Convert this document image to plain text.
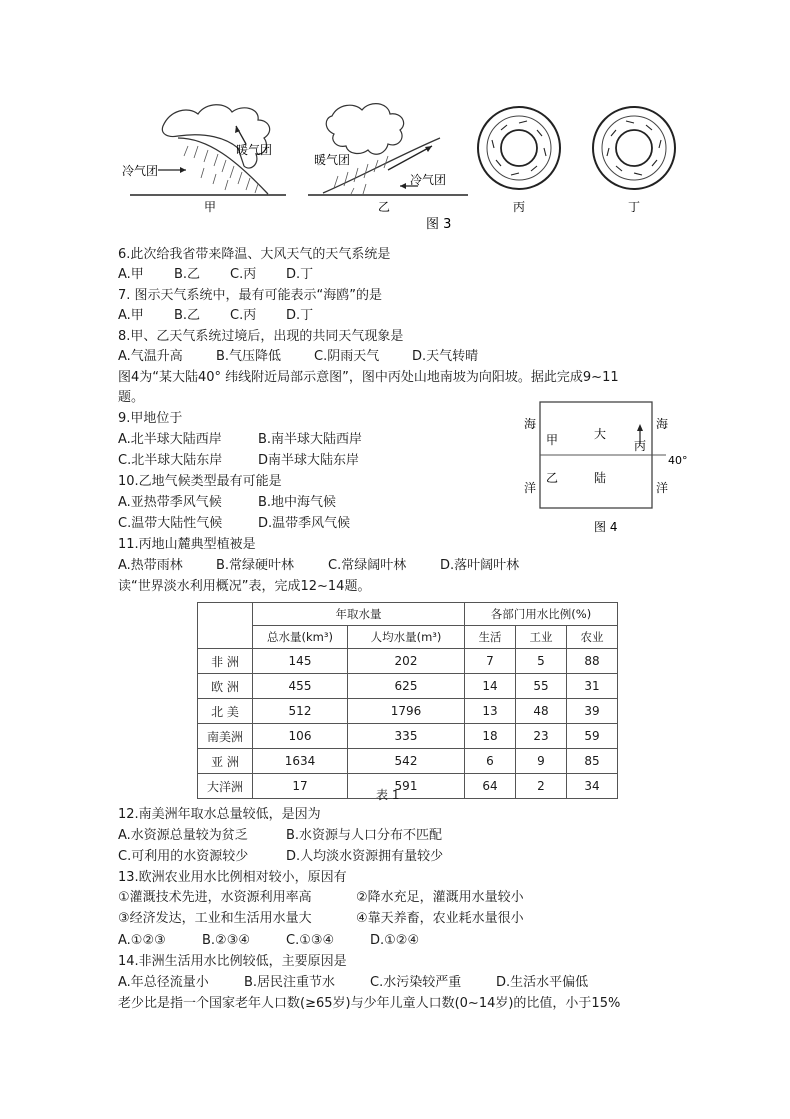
冷气团
暖气团
甲
暖气团
冷气团
乙	丙	丁
图 3
6.此次给我省带来降温、大风天气的天气系统是
A.甲 B.乙 C.丙 D.丁
7. 图示天气系统中，最有可能表示“海鸥”的是
A.甲 B.乙 C.丙 D.丁
8.甲、乙天气系统过境后，出现的共同天气现象是
A.气温升高	B.气压降低	C.阴雨天气	D.天气转晴
图4为“某大陆40° 纬线附近局部示意图”，图中丙处山地南坡为向阳坡。据此完成9~11
题。
9.甲地位于
A.北半球大陆西岸	B.南半球大陆西岸
C.北半球大陆东岸	D南半球大陆东岸
10.乙地气候类型最有可能是
A.亚热带季风气候	B.地中海气候
C.温带大陆性气候	D.温带季风气候
11.丙地山麓典型植被是
A.热带雨林	B.常绿硬叶林	C.常绿阔叶林	D.落叶阔叶林
海
洋
海
洋
甲	大
丙
乙	陆
40°
图 4
读“世界淡水利用概况”表，完成12~14题。
	年取水量		各部门用水比例(%)		
	总水量(km³)	人均水量(m³)	生活	工业	农业
非 洲	145	202	7	5	88
欧 洲	455	625	14	55	31
北 美	512	1796	13	48	39
南美洲	106	335	18	23	59
亚 洲	1634	542	6	9	85
大洋洲	17	591	64	2	34
表 1
12.南美洲年取水总量较低，是因为
A.水资源总量较为贫乏	B.水资源与人口分布不匹配
C.可利用的水资源较少	D.人均淡水资源拥有量较少
13.欧洲农业用水比例相对较小，原因有
①灌溉技术先进，水资源利用率高	②降水充足，灌溉用水量较小
③经济发达，工业和生活用水量大	④靠天养畜，农业耗水量很小
A.①②③	B.②③④	C.①③④	D.①②④
14.非洲生活用水比例较低，主要原因是
A.年总径流量小	B.居民注重节水	C.水污染较严重	D.生活水平偏低
老少比是指一个国家老年人口数(≥65岁)与少年儿童人口数(0~14岁)的比值，小于15%
